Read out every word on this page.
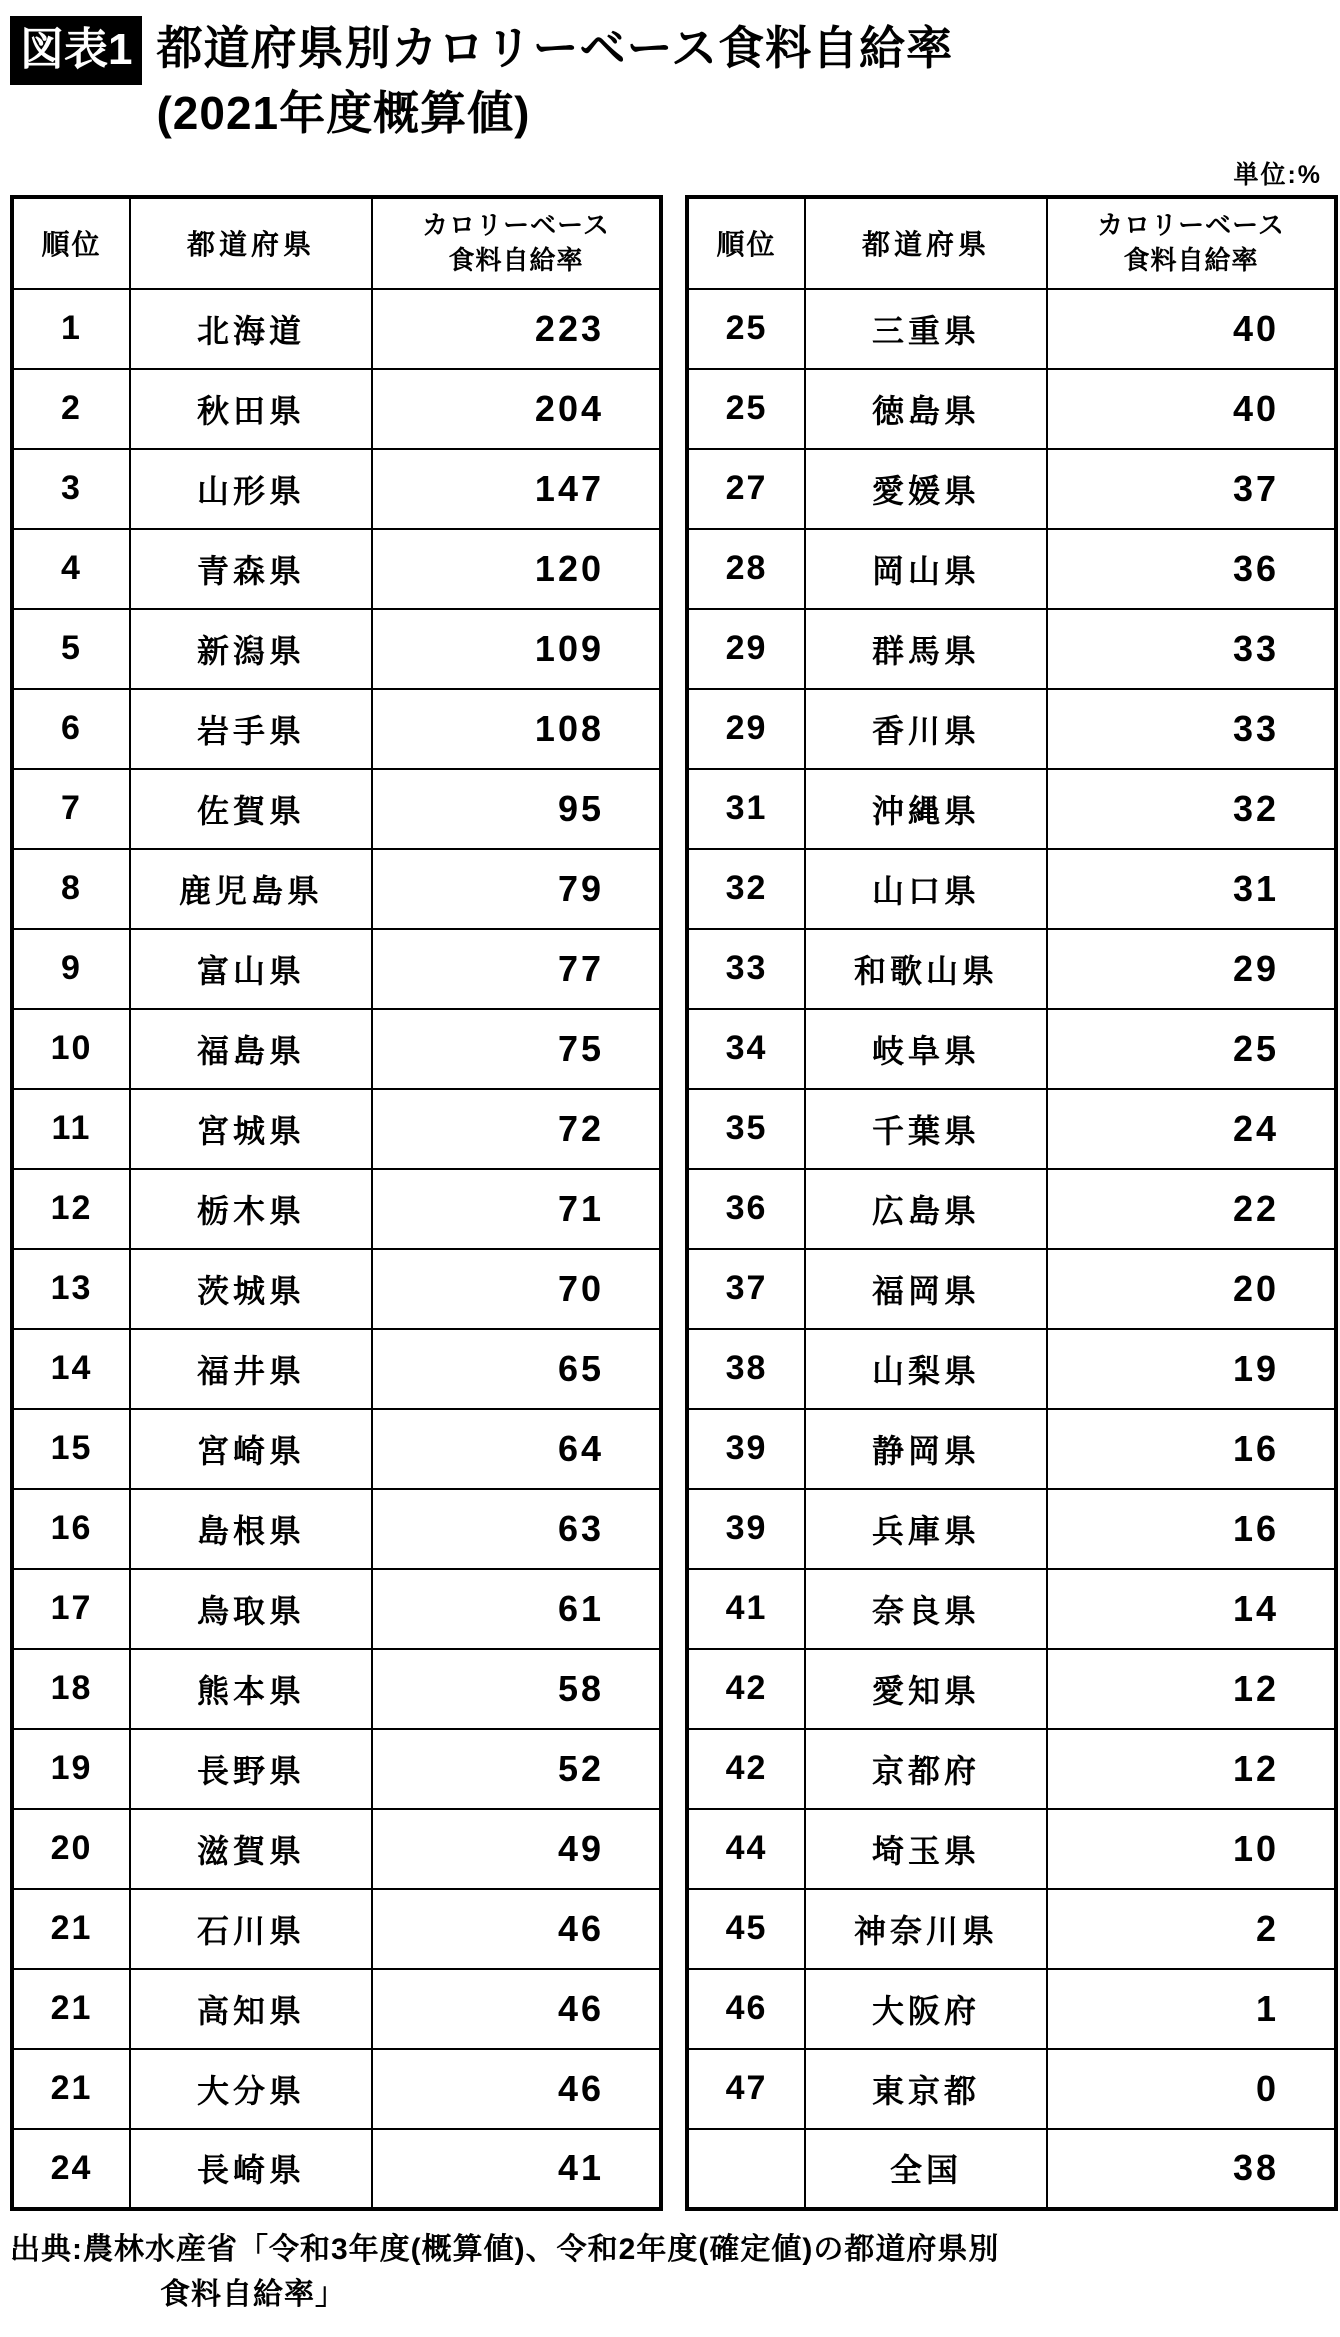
図表1 都道府県別カロリーベース食料自給率
(2021年度概算値)
単位:%
順位	都道府県	カロリーベース
食料自給率
1	北海道	223
2	秋田県	204
3	山形県	147
4	青森県	120
5	新潟県	109
6	岩手県	108
7	佐賀県	95
8	鹿児島県	79
9	富山県	77
10	福島県	75
11	宮城県	72
12	栃木県	71
13	茨城県	70
14	福井県	65
15	宮崎県	64
16	島根県	63
17	鳥取県	61
18	熊本県	58
19	長野県	52
20	滋賀県	49
21	石川県	46
21	高知県	46
21	大分県	46
24	長崎県	41
順位	都道府県	カロリーベース
食料自給率
25	三重県	40
25	徳島県	40
27	愛媛県	37
28	岡山県	36
29	群馬県	33
29	香川県	33
31	沖縄県	32
32	山口県	31
33	和歌山県	29
34	岐阜県	25
35	千葉県	24
36	広島県	22
37	福岡県	20
38	山梨県	19
39	静岡県	16
39	兵庫県	16
41	奈良県	14
42	愛知県	12
42	京都府	12
44	埼玉県	10
45	神奈川県	2
46	大阪府	1
47	東京都	0
	全国	38
出典:農林水産省「令和3年度(概算値)、令和2年度(確定値)の都道府県別
食料自給率」
